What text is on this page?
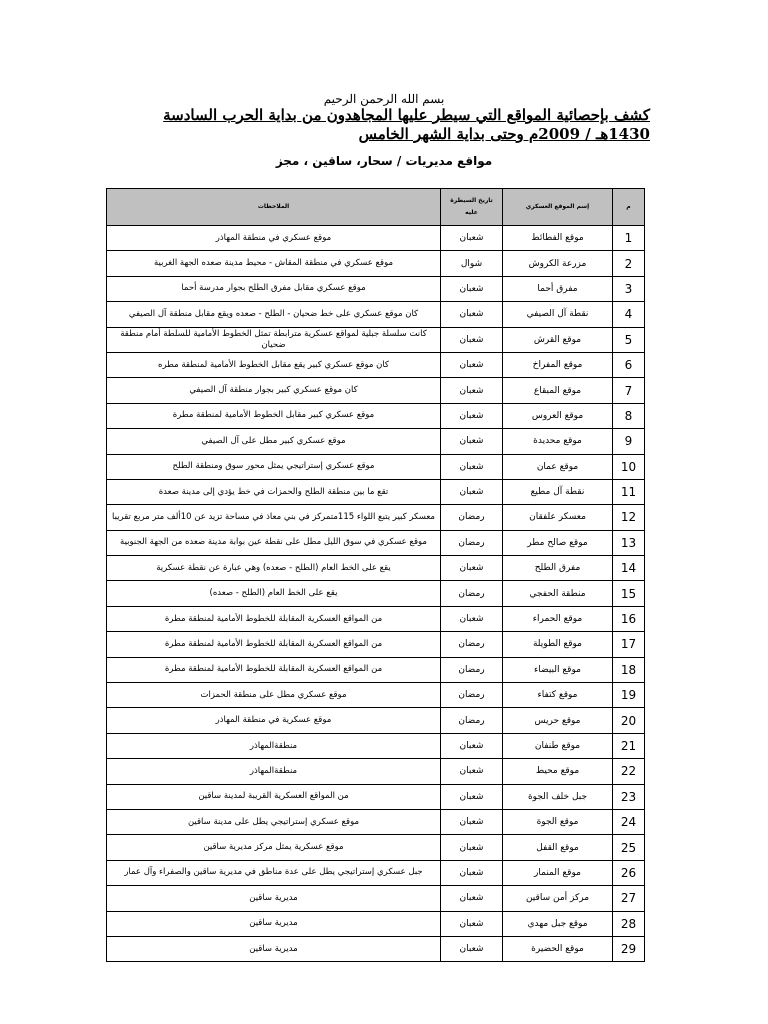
بسم الله الرحمن الرحيم
كشف بإحصائية المواقع التي سيطر عليها المجاهدون من بداية الحرب السادسة 1430هـ / 2009م وحتى بداية الشهر الخامس
مواقع مديريات / سحار، ساقين ، مجز
م	إسم الموقع العسكري	تاريخ السيطرة عليه	الملاحظات
1	موقع الفطائط	شعبان	موقع عسكري في منطقة المهاذر
2	مزرعة الكروش	شوال	موقع عسكري في منطقة المقاش - محيط مدينة صعده الجهة الغربية
3	مفرق أحما	شعبان	موقع عسكري مقابل مفرق الطلح بجوار مدرسة أحما
4	نقطة آل الصيفي	شعبان	كان موقع عسكري على خط ضحيان - الطلح - صعده ويقع مقابل منطقة آل الصيفي
5	موقع القرش	شعبان	كانت سلسلة جبلية لمواقع عسكرية مترابطة تمثل الخطوط الأمامية للسلطة أمام منطقة ضحيان
6	موقع المفراخ	شعبان	كان موقع عسكري كبير يقع مقابل الخطوط الأمامية لمنطقة مطره
7	موقع المبقاع	شعبان	كان موقع عسكري كبير بجوار منطقة آل الصيفي
8	موقع العروس	شعبان	موقع عسكري كبير مقابل الخطوط الأمامية لمنطقة مطرة
9	موقع محديدة	شعبان	موقع عسكري كبير مطل على آل الصيفي
10	موقع عمان	شعبان	موقع عسكري إستراتيجي يمثل محور سوق ومنطقة الطلح
11	نقطة آل مطيع	شعبان	تقع ما بين منطقة الطلح والحمزات في خط يؤدي إلى مدينة صعدة
12	معسكر علفقان	رمضان	معسكر كبير يتبع اللواء 115متمركز في بني معاذ في مساحة تزيد عن 10ألف متر مربع تقريبا
13	موقع صالح مطر	رمضان	موقع عسكري في سوق الليل مطل على نقطة عين بوابة مدينة صعده من الجهة الجنوبية
14	مفرق الطلح	شعبان	يقع على الخط العام (الطلح - صعده) وهي عبارة عن نقطة عسكرية
15	منطقة الحفجي	رمضان	يقع على الخط العام (الطلح - صعده)
16	موقع الحمراء	شعبان	من المواقع العسكرية المقابلة للخطوط الأمامية لمنطقة مطرة
17	موقع الطويلة	رمضان	من المواقع العسكرية المقابلة للخطوط الأمامية لمنطقة مطرة
18	موقع البيضاء	رمضان	من المواقع العسكرية المقابلة للخطوط الأمامية لمنطقة مطرة
19	موقع كتفاء	رمضان	موقع عسكري مطل على منطقة الحمزات
20	موقع حريس	رمضان	موقع عسكرية في منطقة المهاذر
21	موقع طنفان	شعبان	منطقةالمهاذر
22	موقع محيط	شعبان	منطقةالمهاذر
23	جبل خلف الجوة	شعبان	من المواقع العسكرية القريبة لمدينة ساقين
24	موقع الجوة	شعبان	موقع عسكري إستراتيجي يطل على مدينة ساقين
25	موقع القفل	شعبان	موقع عسكرية يمثل مركز مديرية ساقين
26	موقع المنمار	شعبان	جبل عسكري إستراتيجي يطل على عدة مناطق في مديرية ساقين والصفراء وآل عمار
27	مركز أمن ساقين	شعبان	مديرية ساقين
28	موقع جبل مهدي	شعبان	مديرية ساقين
29	موقع الحضيرة	شعبان	مديرية ساقين
